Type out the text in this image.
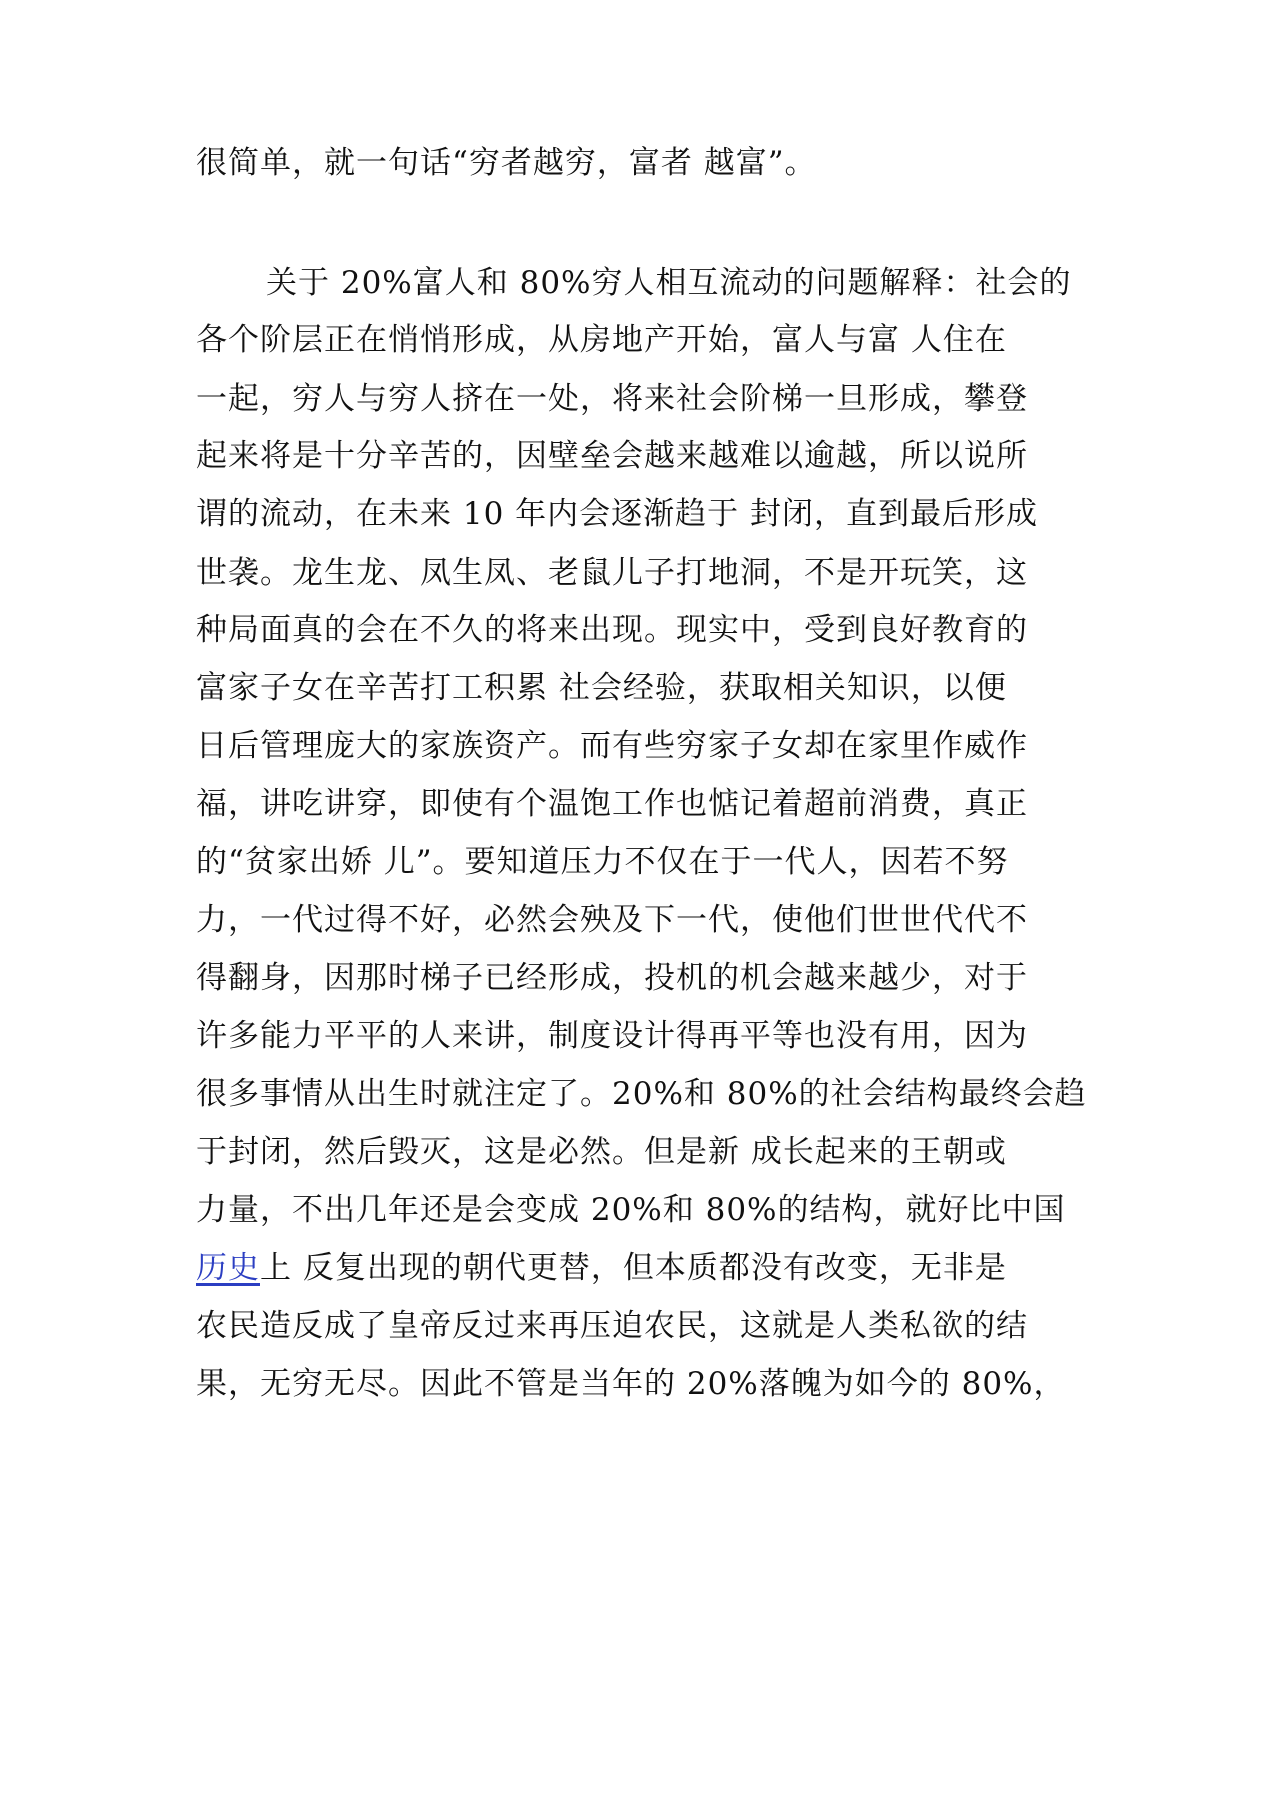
很简单，就一句话“穷者越穷，富者 越富”。
关于 20%富人和 80%穷人相互流动的问题解释：社会的
各个阶层正在悄悄形成，从房地产开始，富人与富 人住在
一起，穷人与穷人挤在一处，将来社会阶梯一旦形成，攀登
起来将是十分辛苦的，因壁垒会越来越难以逾越，所以说所
谓的流动，在未来 10 年内会逐渐趋于 封闭，直到最后形成
世袭。龙生龙、凤生凤、老鼠儿子打地洞，不是开玩笑，这
种局面真的会在不久的将来出现。现实中，受到良好教育的
富家子女在辛苦打工积累 社会经验，获取相关知识，以便
日后管理庞大的家族资产。而有些穷家子女却在家里作威作
福，讲吃讲穿，即使有个温饱工作也惦记着超前消费，真正
的“贫家出娇 儿”。要知道压力不仅在于一代人，因若不努
力，一代过得不好，必然会殃及下一代，使他们世世代代不
得翻身，因那时梯子已经形成，投机的机会越来越少，对于
许多能力平平的人来讲，制度设计得再平等也没有用，因为
很多事情从出生时就注定了。20%和 80%的社会结构最终会趋
于封闭，然后毁灭，这是必然。但是新 成长起来的王朝或
力量，不出几年还是会变成 20%和 80%的结构，就好比中国
历史上 反复出现的朝代更替，但本质都没有改变，无非是
农民造反成了皇帝反过来再压迫农民，这就是人类私欲的结
果，无穷无尽。因此不管是当年的 20%落魄为如今的 80%，
